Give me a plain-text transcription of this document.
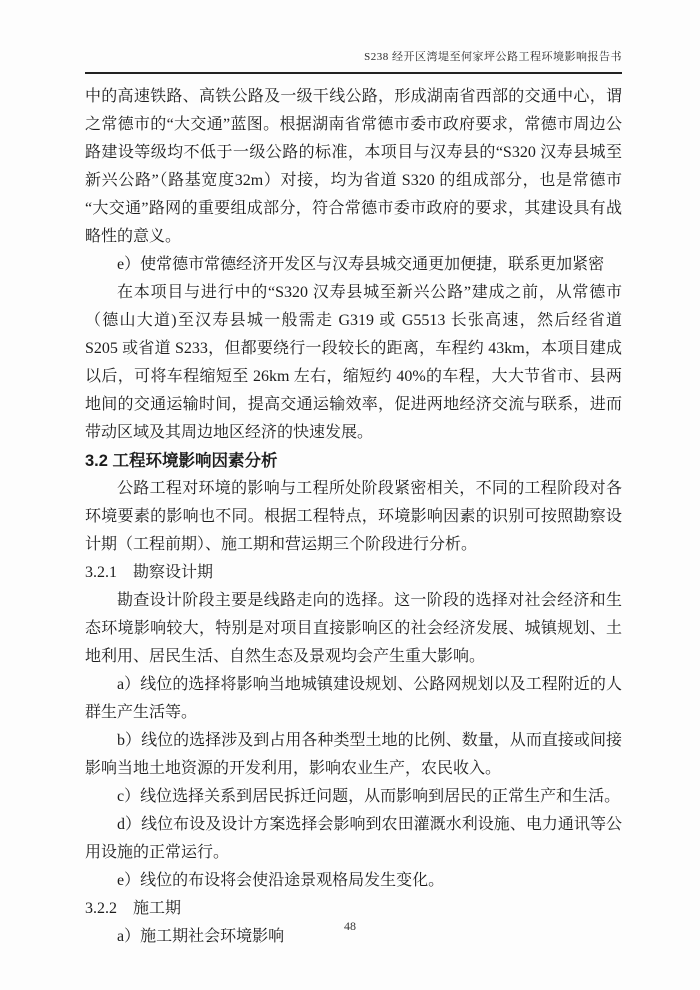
S238 经开区湾堤至何家坪公路工程环境影响报告书

中的高速铁路、高铁公路及一级干线公路，形成湖南省西部的交通中心，谓之常德市的“大交通”蓝图。根据湖南省常德市委市政府要求，常德市周边公路建设等级均不低于一级公路的标准，本项目与汉寿县的“S320 汉寿县城至新兴公路”（路基宽度32m）对接，均为省道 S320 的组成部分，也是常德市“大交通”路网的重要组成部分，符合常德市委市政府的要求，其建设具有战略性的意义。

e）使常德市常德经济开发区与汉寿县城交通更加便捷，联系更加紧密

在本项目与进行中的“S320 汉寿县城至新兴公路”建成之前，从常德市（德山大道)至汉寿县城一般需走 G319 或 G5513 长张高速，然后经省道 S205 或省道 S233，但都要绕行一段较长的距离，车程约 43km，本项目建成以后，可将车程缩短至 26km 左右，缩短约 40%的车程，大大节省市、县两地间的交通运输时间，提高交通运输效率，促进两地经济交流与联系，进而带动区域及其周边地区经济的快速发展。

3.2 工程环境影响因素分析

公路工程对环境的影响与工程所处阶段紧密相关，不同的工程阶段对各环境要素的影响也不同。根据工程特点，环境影响因素的识别可按照勘察设计期（工程前期）、施工期和营运期三个阶段进行分析。

3.2.1　勘察设计期

勘查设计阶段主要是线路走向的选择。这一阶段的选择对社会经济和生态环境影响较大，特别是对项目直接影响区的社会经济发展、城镇规划、土地利用、居民生活、自然生态及景观均会产生重大影响。

a）线位的选择将影响当地城镇建设规划、公路网规划以及工程附近的人群生产生活等。

b）线位的选择涉及到占用各种类型土地的比例、数量，从而直接或间接影响当地土地资源的开发利用，影响农业生产，农民收入。

c）线位选择关系到居民拆迁问题，从而影响到居民的正常生产和生活。

d）线位布设及设计方案选择会影响到农田灌溉水利设施、电力通讯等公用设施的正常运行。

e）线位的布设将会使沿途景观格局发生变化。

3.2.2　施工期

a）施工期社会环境影响

48
